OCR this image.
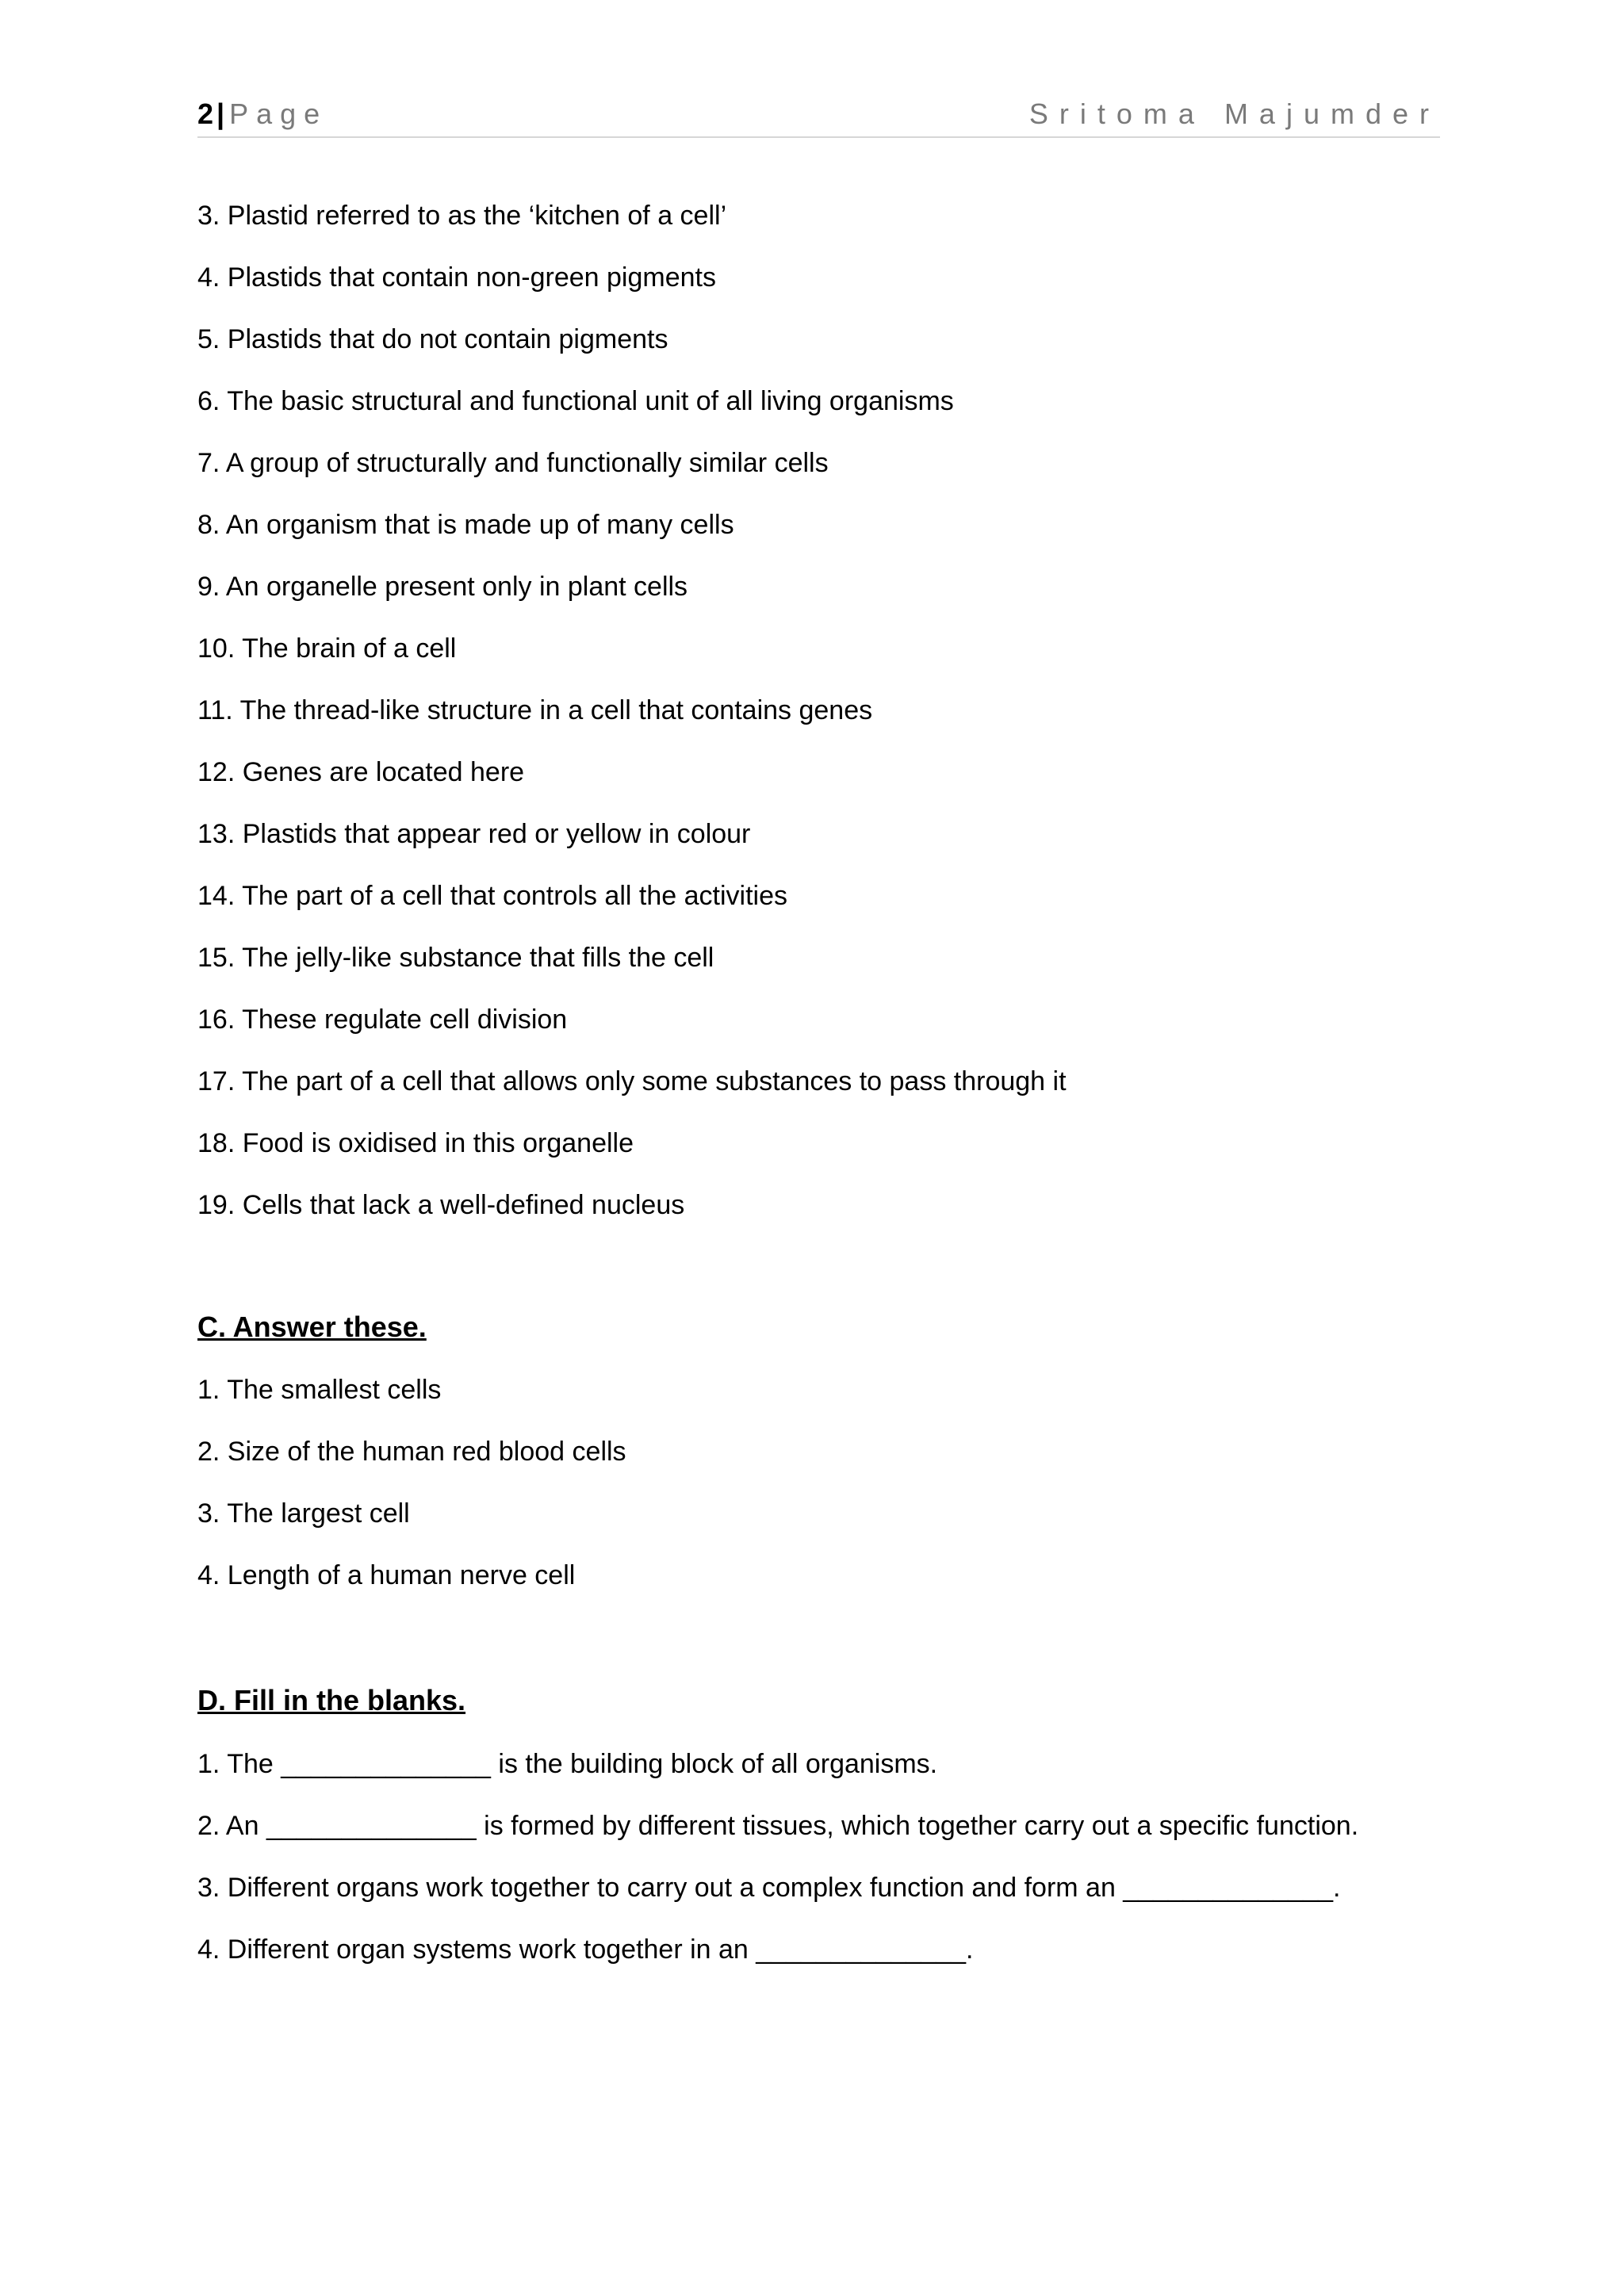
2 | Page	Sritoma Majumder
3. Plastid referred to as the ‘kitchen of a cell’
4. Plastids that contain non-green pigments
5. Plastids that do not contain pigments
6. The basic structural and functional unit of all living organisms
7. A group of structurally and functionally similar cells
8. An organism that is made up of many cells
9. An organelle present only in plant cells
10. The brain of a cell
11. The thread-like structure in a cell that contains genes
12. Genes are located here
13. Plastids that appear red or yellow in colour
14. The part of a cell that controls all the activities
15. The jelly-like substance that fills the cell
16. These regulate cell division
17. The part of a cell that allows only some substances to pass through it
18. Food is oxidised in this organelle
19. Cells that lack a well-defined nucleus
C. Answer these.
1. The smallest cells
2. Size of the human red blood cells
3. The largest cell
4. Length of a human nerve cell
D. Fill in the blanks.
1. The ______________ is the building block of all organisms.
2. An ______________ is formed by different tissues, which together carry out a specific function.
3. Different organs work together to carry out a complex function and form an ______________.
4. Different organ systems work together in an ______________.
